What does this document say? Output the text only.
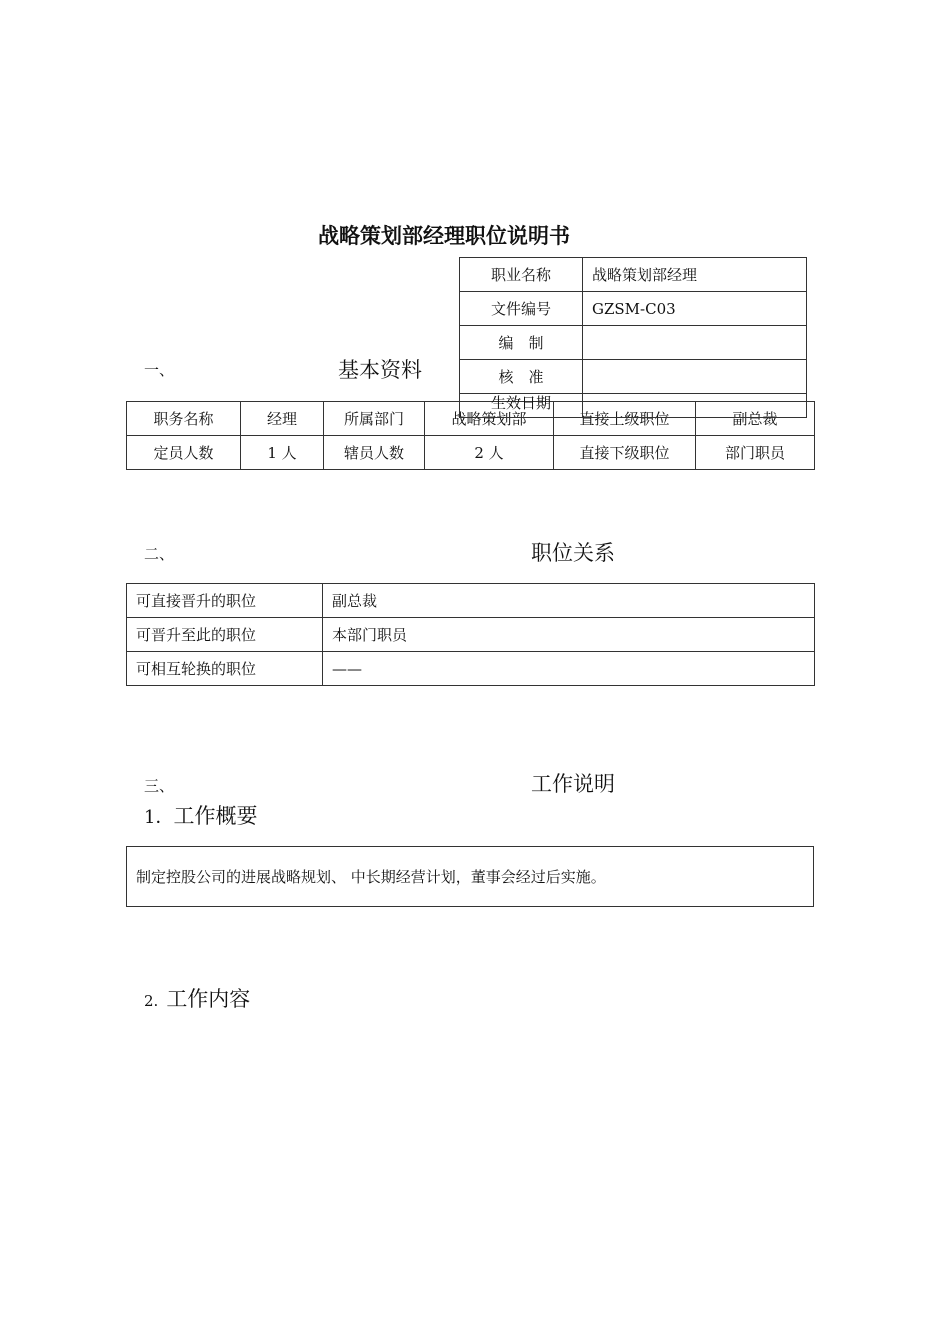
战略策划部经理职位说明书
一、	基本资料
职务名称	经理	所属部门	战略策划部	直接上级职位	副总裁
定员人数	1 人	辖员人数	2 人	直接下级职位	部门职员
职业名称	战略策划部经理
文件编号	GZSM-C03
编　制	
核　准	
生效日期	
二、	职位关系
可直接晋升的职位	副总裁
可晋升至此的职位	本部门职员
可相互轮换的职位	——
三、	工作说明
1．工作概要
制定控股公司的进展战略规划、 中长期经营计划，董事会经过后实施。
2. 工作内容
